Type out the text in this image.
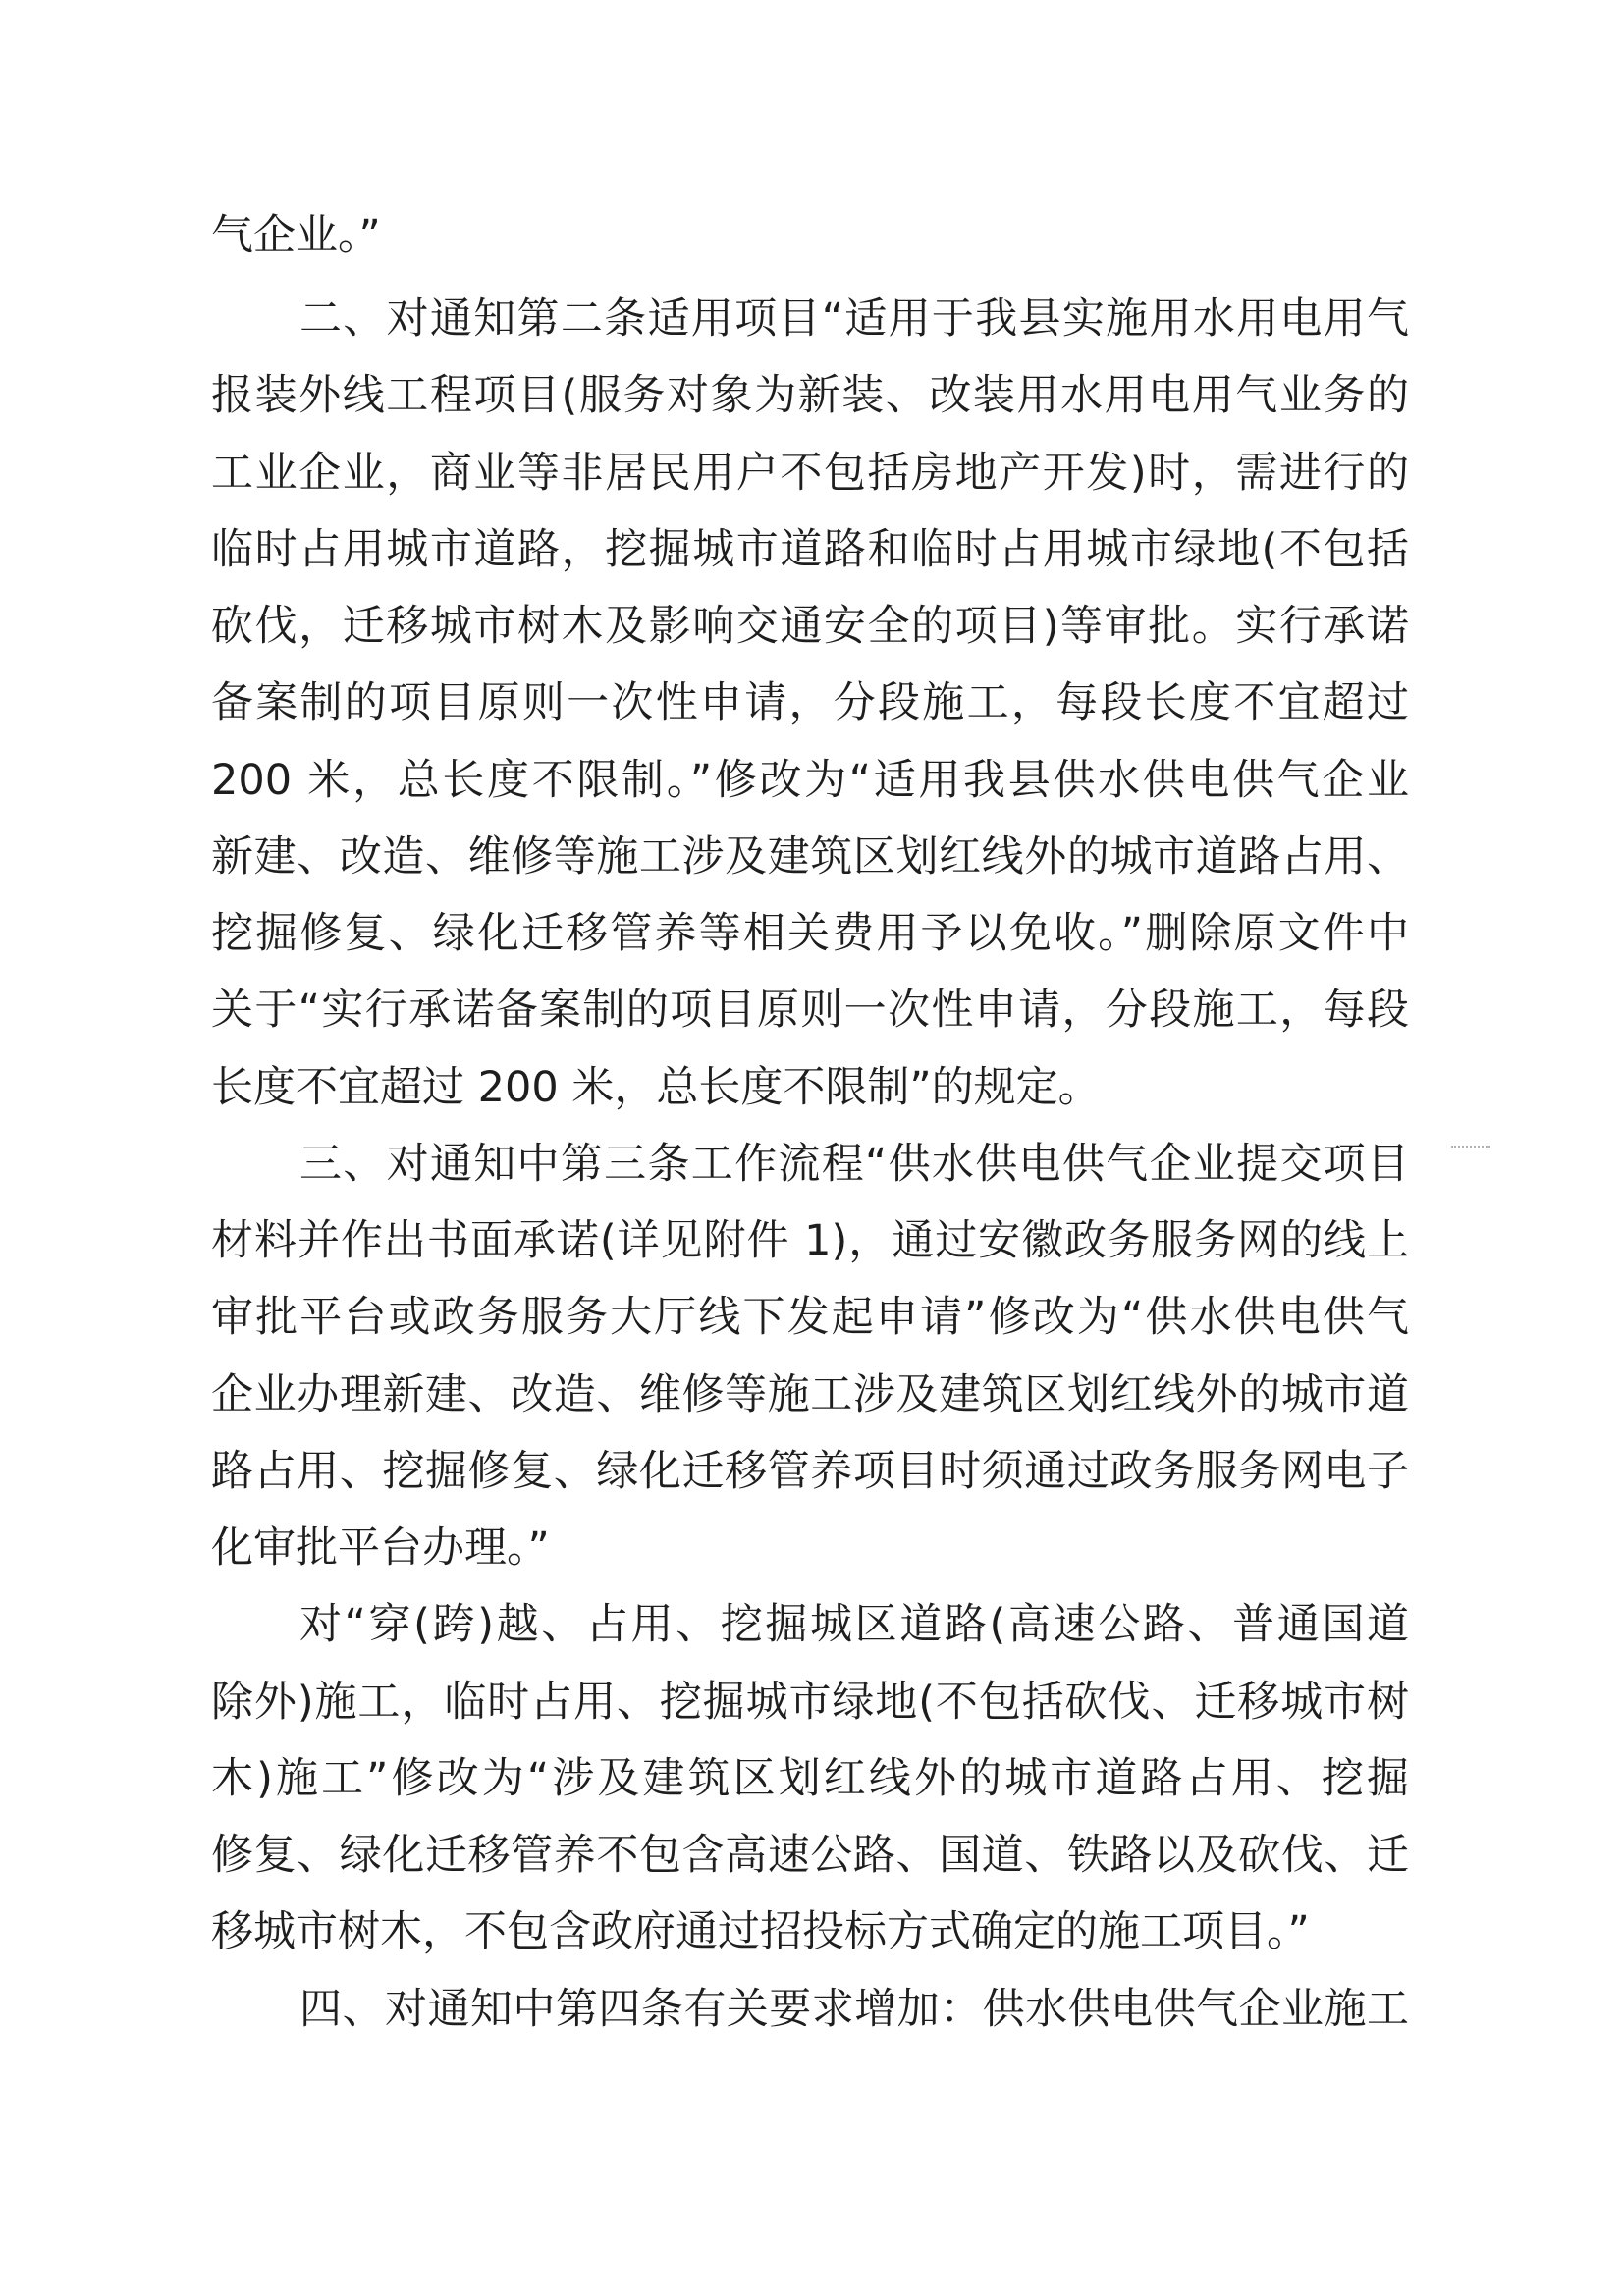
气企业。”
二、对通知第二条适用项目“适用于我县实施用水用电用气
报装外线工程项目(服务对象为新装、改装用水用电用气业务的
工业企业，商业等非居民用户不包括房地产开发)时，需进行的
临时占用城市道路，挖掘城市道路和临时占用城市绿地(不包括
砍伐，迁移城市树木及影响交通安全的项目)等审批。实行承诺
备案制的项目原则一次性申请，分段施工，每段长度不宜超过
200 米，总长度不限制。”修改为“适用我县供水供电供气企业
新建、改造、维修等施工涉及建筑区划红线外的城市道路占用、
挖掘修复、绿化迁移管养等相关费用予以免收。”删除原文件中
关于“实行承诺备案制的项目原则一次性申请，分段施工，每段
长度不宜超过 200 米，总长度不限制”的规定。
三、对通知中第三条工作流程“供水供电供气企业提交项目
材料并作出书面承诺(详见附件 1)，通过安徽政务服务网的线上
审批平台或政务服务大厅线下发起申请”修改为“供水供电供气
企业办理新建、改造、维修等施工涉及建筑区划红线外的城市道
路占用、挖掘修复、绿化迁移管养项目时须通过政务服务网电子
化审批平台办理。”
对“穿(跨)越、占用、挖掘城区道路(高速公路、普通国道
除外)施工，临时占用、挖掘城市绿地(不包括砍伐、迁移城市树
木)施工”修改为“涉及建筑区划红线外的城市道路占用、挖掘
修复、绿化迁移管养不包含高速公路、国道、铁路以及砍伐、迁
移城市树木，不包含政府通过招投标方式确定的施工项目。”
四、对通知中第四条有关要求增加：供水供电供气企业施工
